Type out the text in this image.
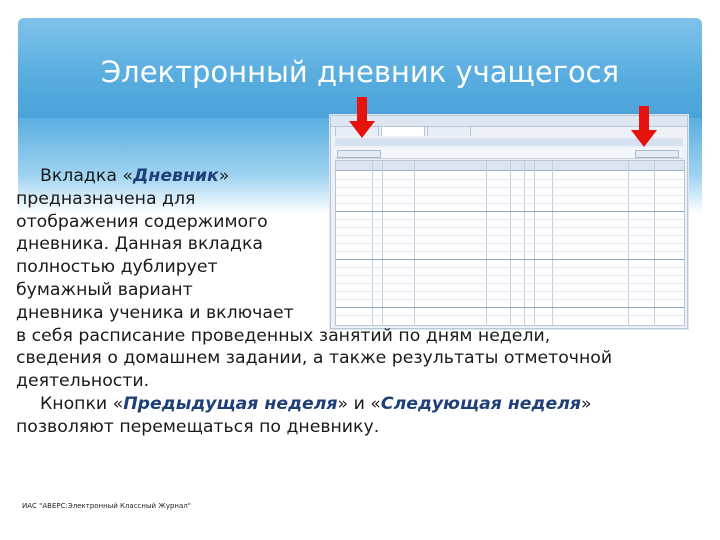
Электронный дневник учащегося
Вкладка «Дневник»
предназначена для
отображения содержимого
дневника. Данная вкладка
полностью дублирует
бумажный вариант
дневника ученика и включает
в себя расписание проведенных занятий по дням недели,
сведения о домашнем задании, а также результаты отметочной
деятельности.
Кнопки «Предыдущая неделя» и «Следующая неделя»
позволяют перемещаться по дневнику.
ИАС "АВЕРС:Электронный Классный Журнал"
